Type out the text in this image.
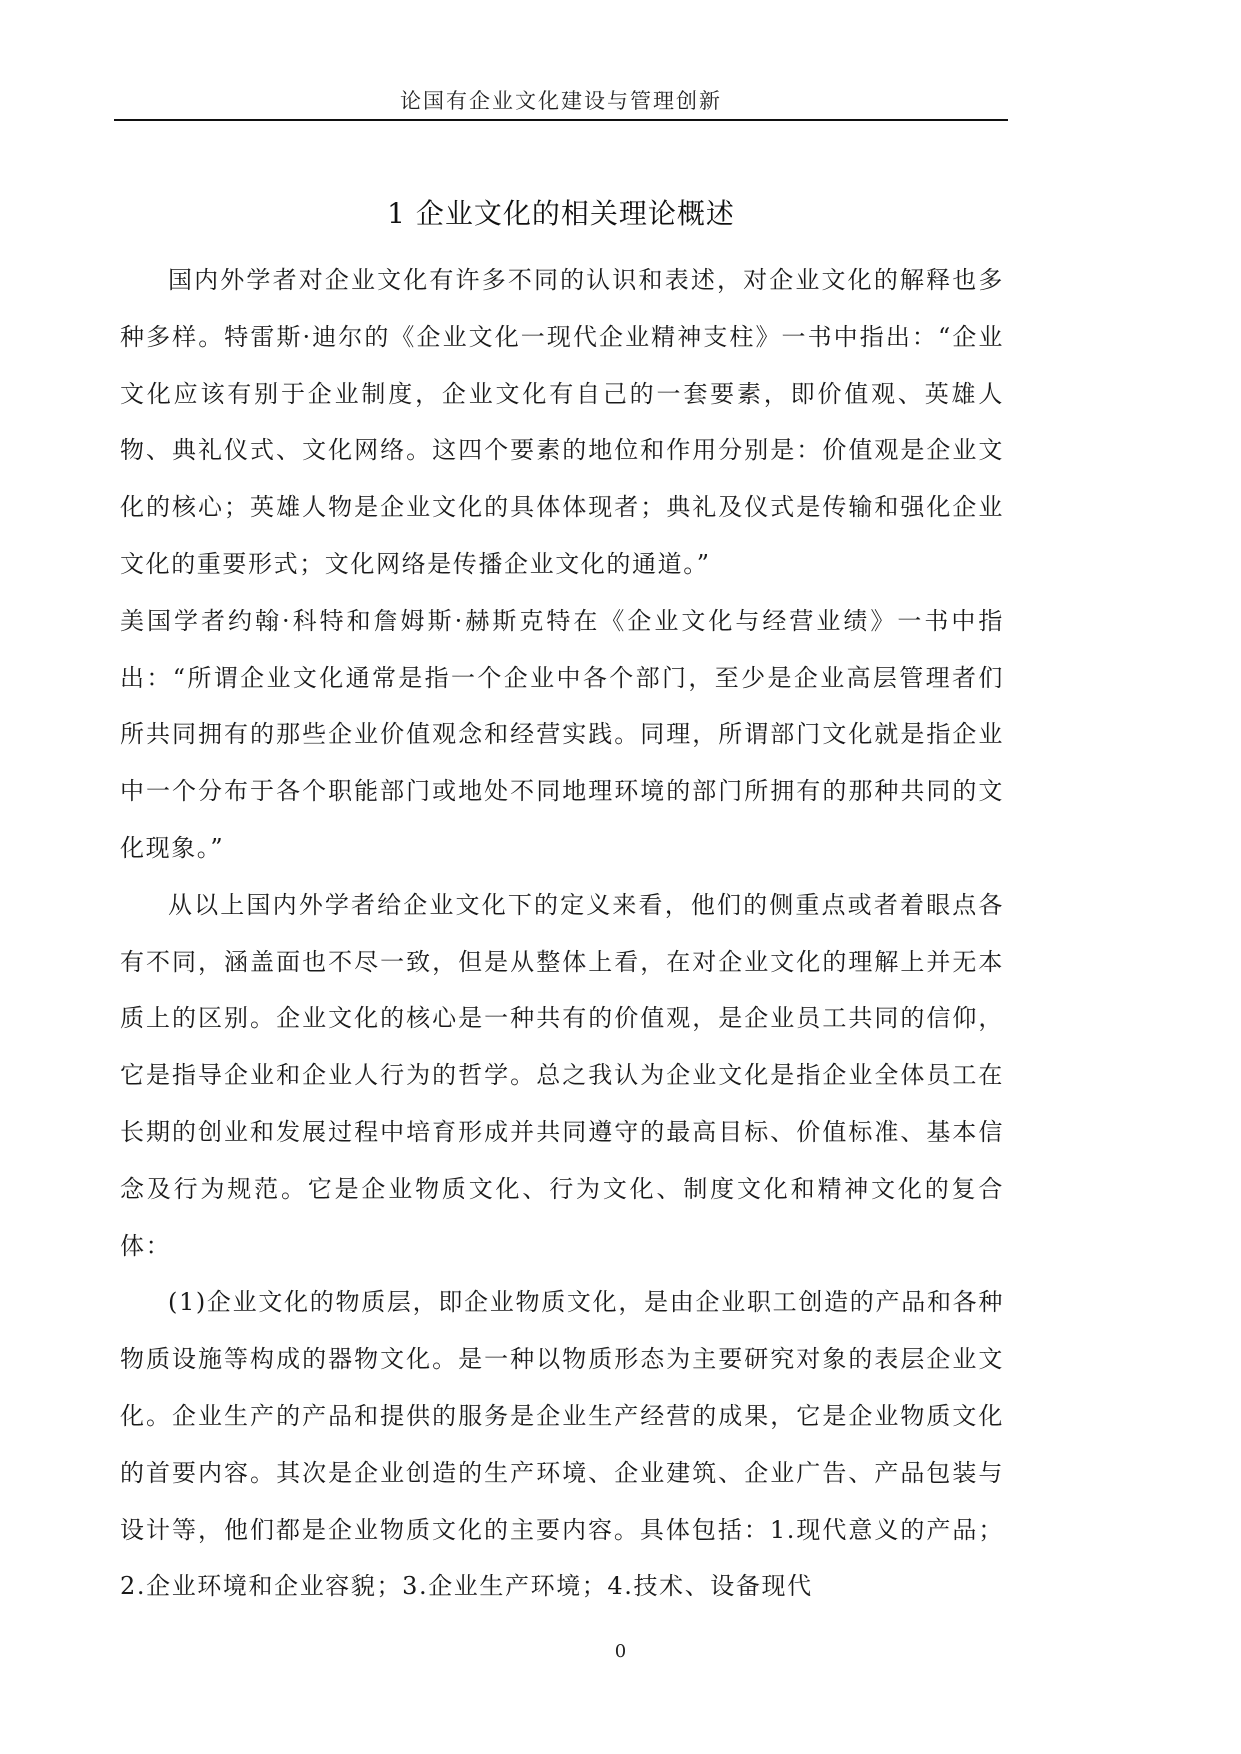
论国有企业文化建设与管理创新
1 企业文化的相关理论概述

国内外学者对企业文化有许多不同的认识和表述，对企业文化的解释也多种多样。特雷斯·迪尔的《企业文化一现代企业精神支柱》一书中指出：“企业文化应该有别于企业制度，企业文化有自己的一套要素，即价值观、英雄人物、典礼仪式、文化网络。这四个要素的地位和作用分别是：价值观是企业文化的核心；英雄人物是企业文化的具体体现者；典礼及仪式是传输和强化企业文化的重要形式；文化网络是传播企业文化的通道。”

美国学者约翰·科特和詹姆斯·赫斯克特在《企业文化与经营业绩》一书中指出：“所谓企业文化通常是指一个企业中各个部门，至少是企业高层管理者们所共同拥有的那些企业价值观念和经营实践。同理，所谓部门文化就是指企业中一个分布于各个职能部门或地处不同地理环境的部门所拥有的那种共同的文化现象。”

从以上国内外学者给企业文化下的定义来看，他们的侧重点或者着眼点各有不同，涵盖面也不尽一致，但是从整体上看，在对企业文化的理解上并无本质上的区别。企业文化的核心是一种共有的价值观，是企业员工共同的信仰，它是指导企业和企业人行为的哲学。总之我认为企业文化是指企业全体员工在长期的创业和发展过程中培育形成并共同遵守的最高目标、价值标准、基本信念及行为规范。它是企业物质文化、行为文化、制度文化和精神文化的复合体：

(1)企业文化的物质层，即企业物质文化，是由企业职工创造的产品和各种物质设施等构成的器物文化。是一种以物质形态为主要研究对象的表层企业文化。企业生产的产品和提供的服务是企业生产经营的成果，它是企业物质文化的首要内容。其次是企业创造的生产环境、企业建筑、企业广告、产品包装与设计等，他们都是企业物质文化的主要内容。具体包括：1.现代意义的产品；2.企业环境和企业容貌；3.企业生产环境；4.技术、设备现代

0
